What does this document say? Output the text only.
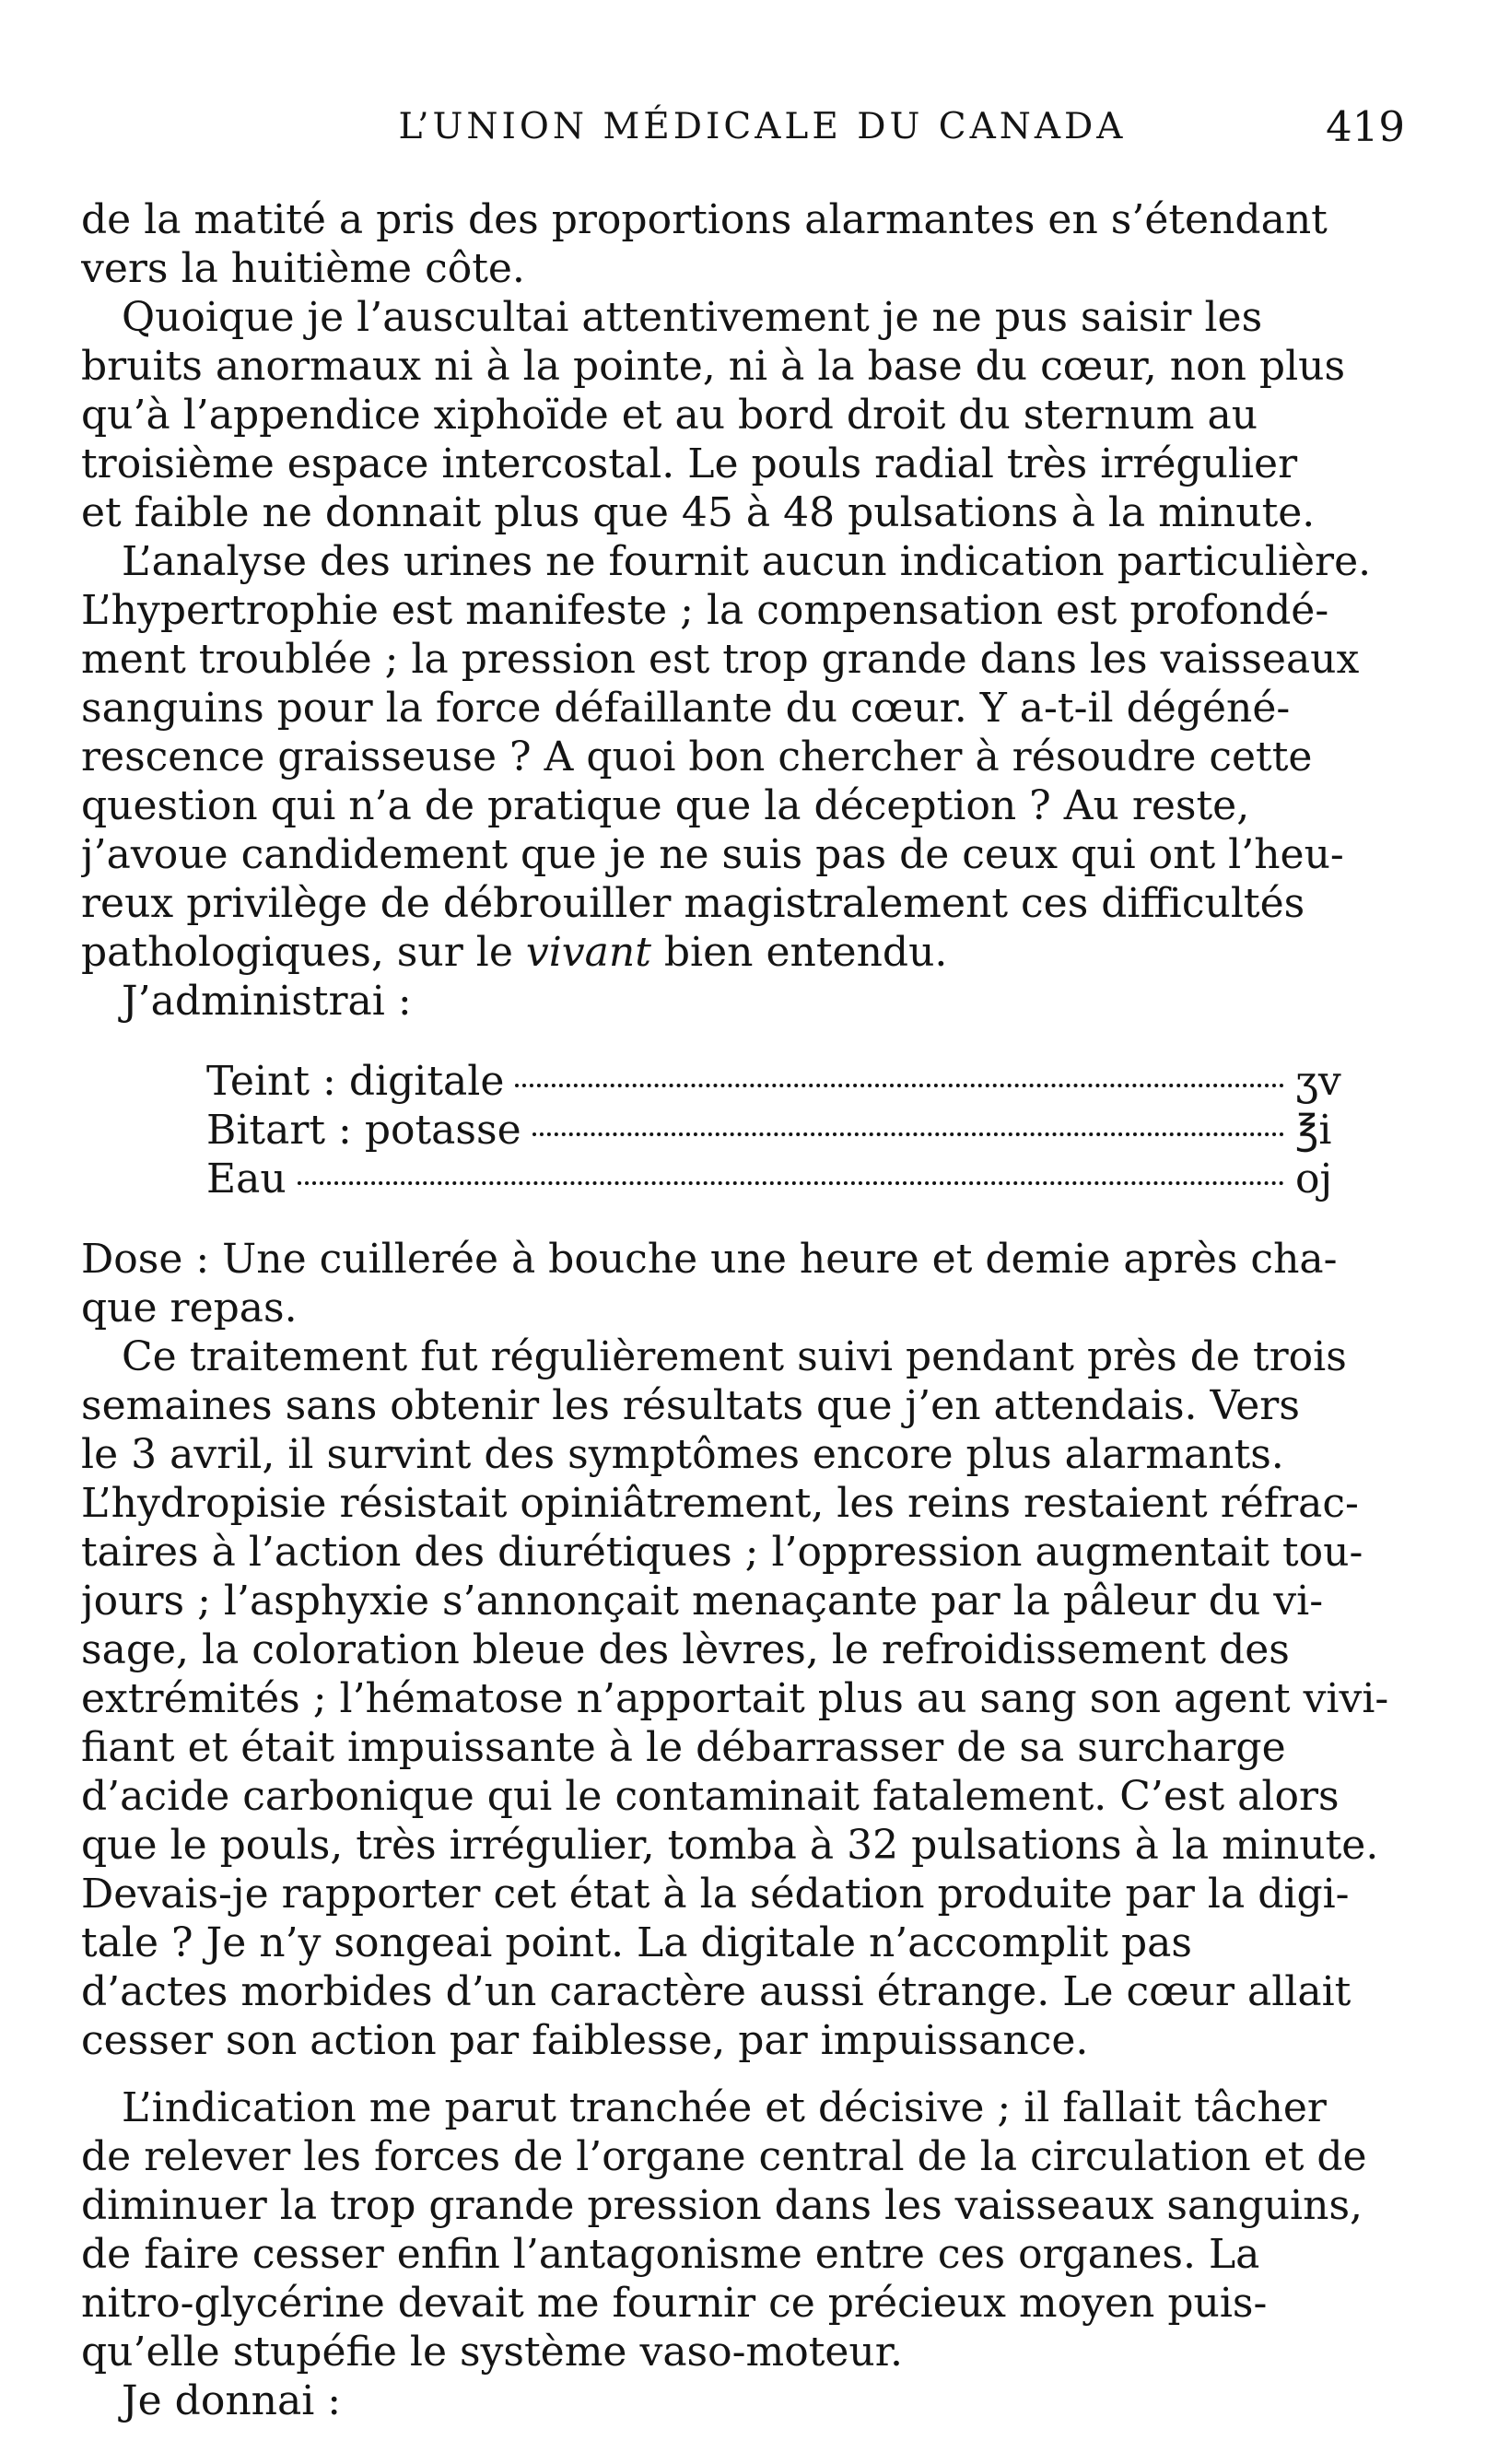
L’UNION MÉDICALE DU CANADA	419
de la matité a pris des proportions alarmantes en s’étendant
vers la huitième côte.
Quoique je l’auscultai attentivement je ne pus saisir les
bruits anormaux ni à la pointe, ni à la base du cœur, non plus
qu’à l’appendice xiphoïde et au bord droit du sternum au
troisième espace intercostal. Le pouls radial très irrégulier
et faible ne donnait plus que 45 à 48 pulsations à la minute.
L’analyse des urines ne fournit aucun indication particulière.
L’hypertrophie est manifeste ; la compensation est profondé-
ment troublée ; la pression est trop grande dans les vaisseaux
sanguins pour la force défaillante du cœur. Y a-t-il dégéné-
rescence graisseuse ? A quoi bon chercher à résoudre cette
question qui n’a de pratique que la déception ? Au reste,
j’avoue candidement que je ne suis pas de ceux qui ont l’heu-
reux privilège de débrouiller magistralement ces difficultés
pathologiques, sur le vivant bien entendu.
J’administrai :
Teint : digitale	ʒv
Bitart : potasse	℥i
Eau	oj
Dose : Une cuillerée à bouche une heure et demie après cha-
que repas.
Ce traitement fut régulièrement suivi pendant près de trois
semaines sans obtenir les résultats que j’en attendais. Vers
le 3 avril, il survint des symptômes encore plus alarmants.
L’hydropisie résistait opiniâtrement, les reins restaient réfrac-
taires à l’action des diurétiques ; l’oppression augmentait tou-
jours ; l’asphyxie s’annonçait menaçante par la pâleur du vi-
sage, la coloration bleue des lèvres, le refroidissement des
extrémités ; l’hématose n’apportait plus au sang son agent vivi-
fiant et était impuissante à le débarrasser de sa surcharge
d’acide carbonique qui le contaminait fatalement. C’est alors
que le pouls, très irrégulier, tomba à 32 pulsations à la minute.
Devais-je rapporter cet état à la sédation produite par la digi-
tale ? Je n’y songeai point. La digitale n’accomplit pas
d’actes morbides d’un caractère aussi étrange. Le cœur allait
cesser son action par faiblesse, par impuissance.
L’indication me parut tranchée et décisive ; il fallait tâcher
de relever les forces de l’organe central de la circulation et de
diminuer la trop grande pression dans les vaisseaux sanguins,
de faire cesser enfin l’antagonisme entre ces organes. La
nitro-glycérine devait me fournir ce précieux moyen puis-
qu’elle stupéfie le système vaso-moteur.
Je donnai :
